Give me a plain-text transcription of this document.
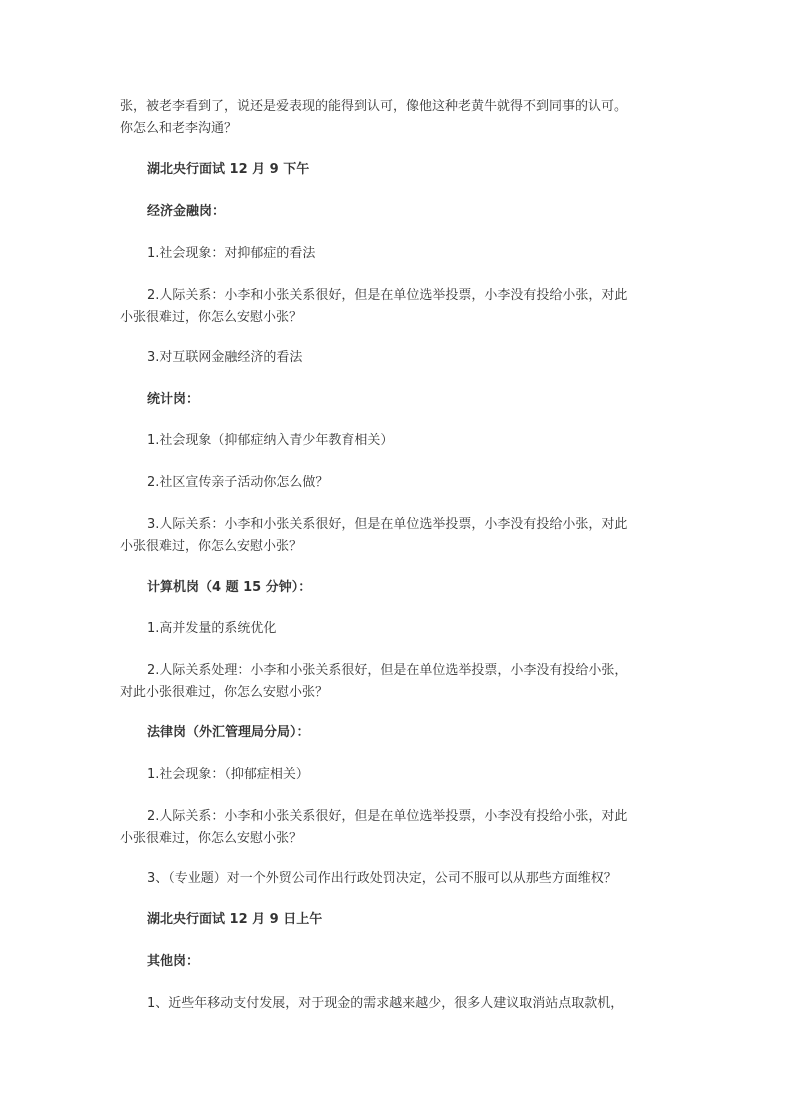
张，被老李看到了，说还是爱表现的能得到认可，像他这种老黄牛就得不到同事的认可。
你怎么和老李沟通？
湖北央行面试 12 月 9 下午
经济金融岗：
1.社会现象：对抑郁症的看法
2.人际关系：小李和小张关系很好，但是在单位选举投票，小李没有投给小张，对此
小张很难过，你怎么安慰小张？
3.对互联网金融经济的看法
统计岗：
1.社会现象（抑郁症纳入青少年教育相关）
2.社区宣传亲子活动你怎么做？
3.人际关系：小李和小张关系很好，但是在单位选举投票，小李没有投给小张，对此
小张很难过，你怎么安慰小张？
计算机岗（4 题 15 分钟）：
1.高并发量的系统优化
2.人际关系处理：小李和小张关系很好，但是在单位选举投票，小李没有投给小张，
对此小张很难过，你怎么安慰小张？
法律岗（外汇管理局分局）：
1.社会现象：（抑郁症相关）
2.人际关系：小李和小张关系很好，但是在单位选举投票，小李没有投给小张，对此
小张很难过，你怎么安慰小张？
3、（专业题）对一个外贸公司作出行政处罚决定，公司不服可以从那些方面维权？
湖北央行面试 12 月 9 日上午
其他岗：
1、近些年移动支付发展，对于现金的需求越来越少，很多人建议取消站点取款机，
